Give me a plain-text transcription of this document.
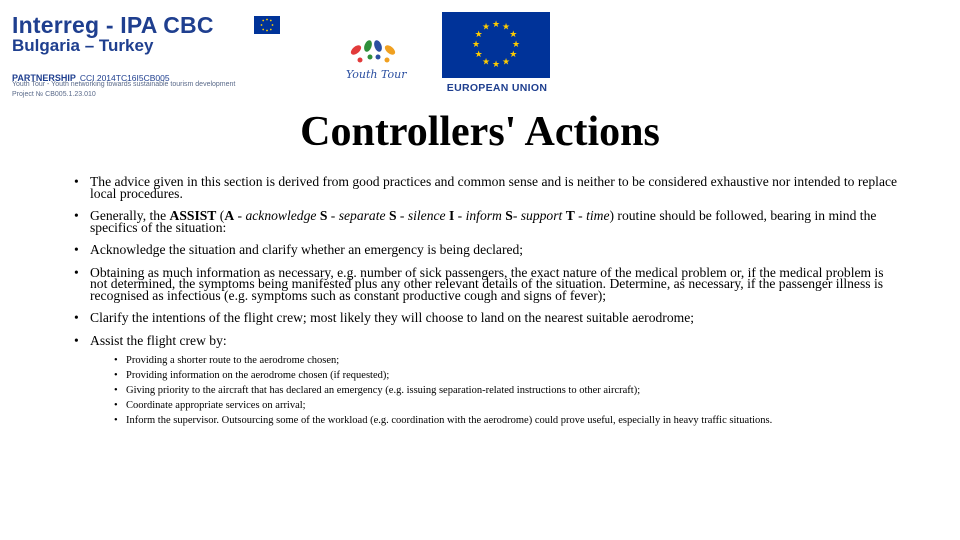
Interreg - IPA CBC
Bulgaria – Turkey
PARTNERSHIP CCI 2014TC16I5CB005
Youth Tour - Youth networking towards sustainable tourism development
Project № CB005.1.23.010
Youth Tour
★ ★
★
★
★
★
★
★
★
★
★
★
EUROPEAN UNION
Controllers' Actions
• The advice given in this section is derived from good practices and common sense and is neither to be considered exhaustive nor intended to replace local procedures.
• Generally, the ASSIST (A - acknowledge S - separate S - silence I - inform S- support T - time) routine should be followed, bearing in mind the specifics of the situation:
• Acknowledge the situation and clarify whether an emergency is being declared;
• Obtaining as much information as necessary, e.g. number of sick passengers, the exact nature of the medical problem or, if the medical problem is not determined, the symptoms being manifested plus any other relevant details of the situation. Determine, as necessary, if the passenger illness is recognised as infectious (e.g. symptoms such as constant productive cough and signs of fever);
• Clarify the intentions of the flight crew; most likely they will choose to land on the nearest suitable aerodrome;
• Assist the flight crew by:
• Providing a shorter route to the aerodrome chosen;
• Providing information on the aerodrome chosen (if requested);
• Giving priority to the aircraft that has declared an emergency (e.g. issuing separation-related instructions to other aircraft);
• Coordinate appropriate services on arrival;
• Inform the supervisor. Outsourcing some of the workload (e.g. coordination with the aerodrome) could prove useful, especially in heavy traffic situations.
